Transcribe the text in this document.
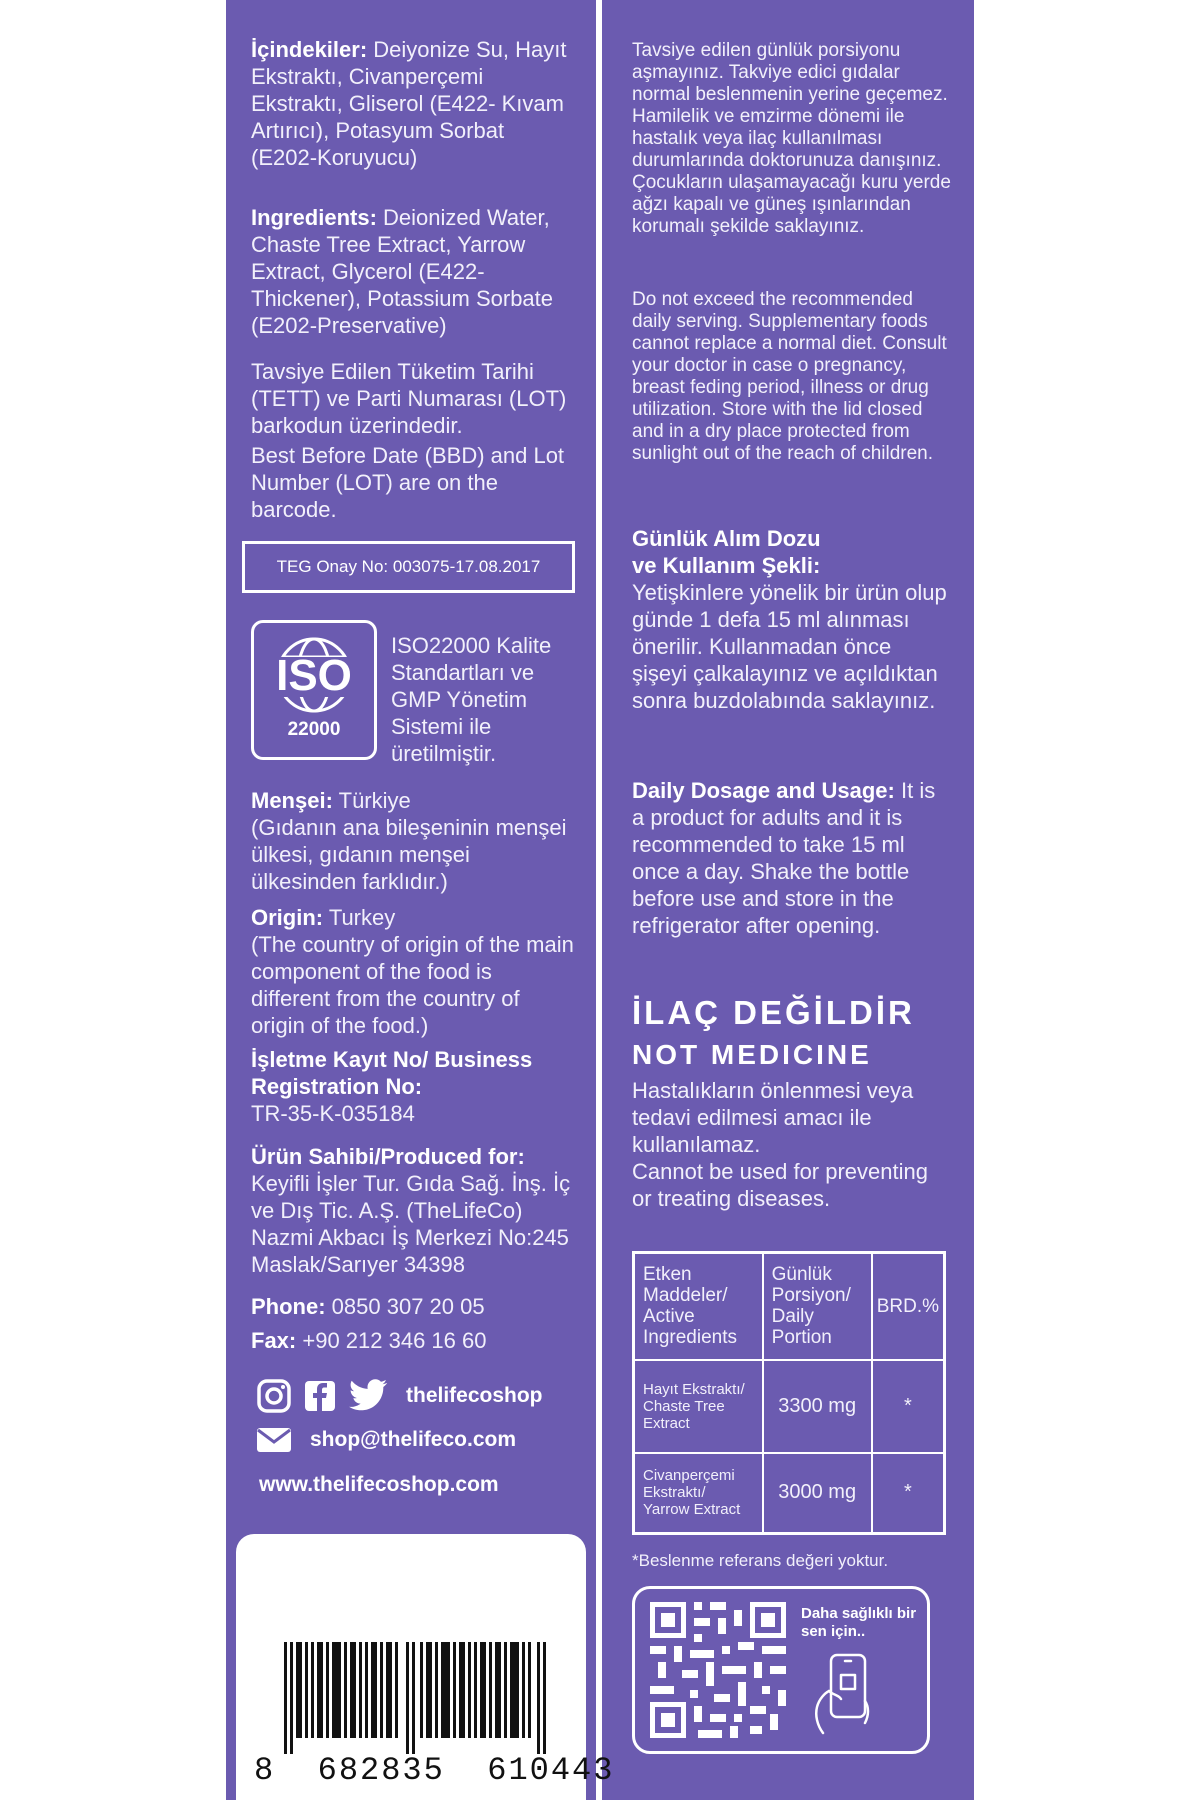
İçindekiler: Deiyonize Su, Hayıt Ekstraktı, Civanperçemi Ekstraktı, Gliserol (E422- Kıvam Artırıcı), Potasyum Sorbat (E202-Koruyucu)
Ingredients: Deionized Water, Chaste Tree Extract, Yarrow Extract, Glycerol (E422-Thickener), Potassium Sorbate (E202-Preservative)
Tavsiye Edilen Tüketim Tarihi (TETT) ve Parti Numarası (LOT) barkodun üzerindedir.
Best Before Date (BBD) and Lot Number (LOT) are on the barcode.
TEG Onay No: 003075-17.08.2017
ISO
22000
ISO22000 Kalite Standartları ve GMP Yönetim Sistemi ile üretilmiştir.
Menşei: Türkiye
(Gıdanın ana bileşeninin menşei ülkesi, gıdanın menşei ülkesinden farklıdır.)
Origin: Turkey
(The country of origin of the main component of the food is different from the country of origin of the food.)
İşletme Kayıt No/ Business Registration No:
TR-35-K-035184
Ürün Sahibi/Produced for:
Keyifli İşler Tur. Gıda Sağ. İnş. İç ve Dış Tic. A.Ş. (TheLifeCo) Nazmi Akbacı İş Merkezi No:245 Maslak/Sarıyer 34398
Phone: 0850 307 20 05
Fax: +90 212 346 16 60
thelifecoshop
shop@thelifeco.com
www.thelifecoshop.com
8  682835  610443
Tavsiye edilen günlük porsiyonu aşmayınız. Takviye edici gıdalar normal beslenmenin yerine geçemez. Hamilelik ve emzirme dönemi ile hastalık veya ilaç kullanılması durumlarında doktorunuza danışınız. Çocukların ulaşamayacağı kuru yerde ağzı kapalı ve güneş ışınlarından korumalı şekilde saklayınız.
Do not exceed the recommended daily serving. Supplementary foods cannot replace a normal diet. Consult your doctor in case o pregnancy, breast feding period, illness or drug utilization. Store with the lid closed and in a dry place protected from sunlight out of the reach of children.
Günlük Alım Dozu
ve Kullanım Şekli:
Yetişkinlere yönelik bir ürün olup günde 1 defa 15 ml alınması önerilir. Kullanmadan önce şişeyi çalkalayınız ve açıldıktan sonra buzdolabında saklayınız.
Daily Dosage and Usage: It is a product for adults and it is recommended to take 15 ml once a day. Shake the bottle before use and store in the refrigerator after opening.
İLAÇ DEĞİLDİR
NOT MEDICINE
Hastalıkların önlenmesi veya tedavi edilmesi amacı ile kullanılamaz.
Cannot be used for preventing or treating diseases.
Etken Maddeler/ Active Ingredients	Günlük Porsiyon/ Daily Portion	BRD.%
Hayıt Ekstraktı/ Chaste Tree Extract	3300 mg	*
Civanperçemi Ekstraktı/ Yarrow Extract	3000 mg	*
*Beslenme referans değeri yoktur.
Daha sağlıklı bir sen için..
